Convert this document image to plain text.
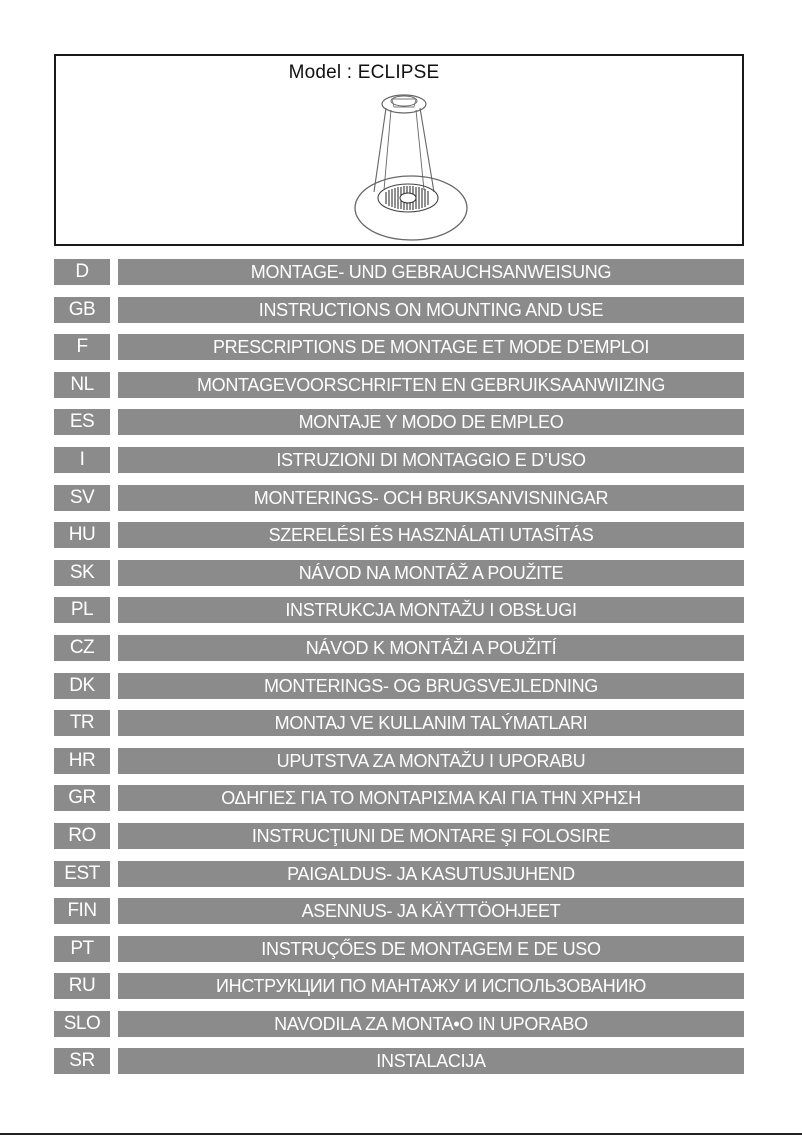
Model : ECLIPSE
D	MONTAGE- UND GEBRAUCHSANWEISUNG
GB	INSTRUCTIONS ON MOUNTING AND USE
F	PRESCRIPTIONS DE MONTAGE ET MODE D’EMPLOI
NL	MONTAGEVOORSCHRIFTEN EN GEBRUIKSAANWIIZING
ES	MONTAJE Y MODO DE EMPLEO
I	ISTRUZIONI DI MONTAGGIO E D’USO
SV	MONTERINGS- OCH BRUKSANVISNINGAR
HU	SZERELÉSI ÉS HASZNÁLATI UTASÍTÁS
SK	NÁVOD NA MONTÁŽ A POUŽITE
PL	INSTRUKCJA MONTAŽU I OBSŁUGI
CZ	NÁVOD K MONTÁŽI A POUŽITÍ
DK	MONTERINGS- OG BRUGSVEJLEDNING
TR	MONTAJ VE KULLANIM TALÝMATLARI
HR	UPUTSTVA ZA MONTAŽU I UPORABU
GR	ΟΔΗΓΙΕΣ ΓΙΑ ΤΟ ΜΟΝΤΑΡΙΣΜΑ ΚΑΙ ΓΙΑ ΤΗΝ ΧΡΗΣΗ
RO	INSTRUCŢIUNI DE MONTARE ŞI FOLOSIRE
EST	PAIGALDUS- JA KASUTUSJUHEND
FIN	ASENNUS- JA KÄYTTÖOHJEET
PT	INSTRUÇŐES DE MONTAGEM E DE USO
RU	ИНСТРУКЦИИ ПО МАНТАЖУ И ИСПОЛЬЗОВАНИЮ
SLO	NAVODILA ZA MONTA•O IN UPORABO
SR	INSTALACIJA
